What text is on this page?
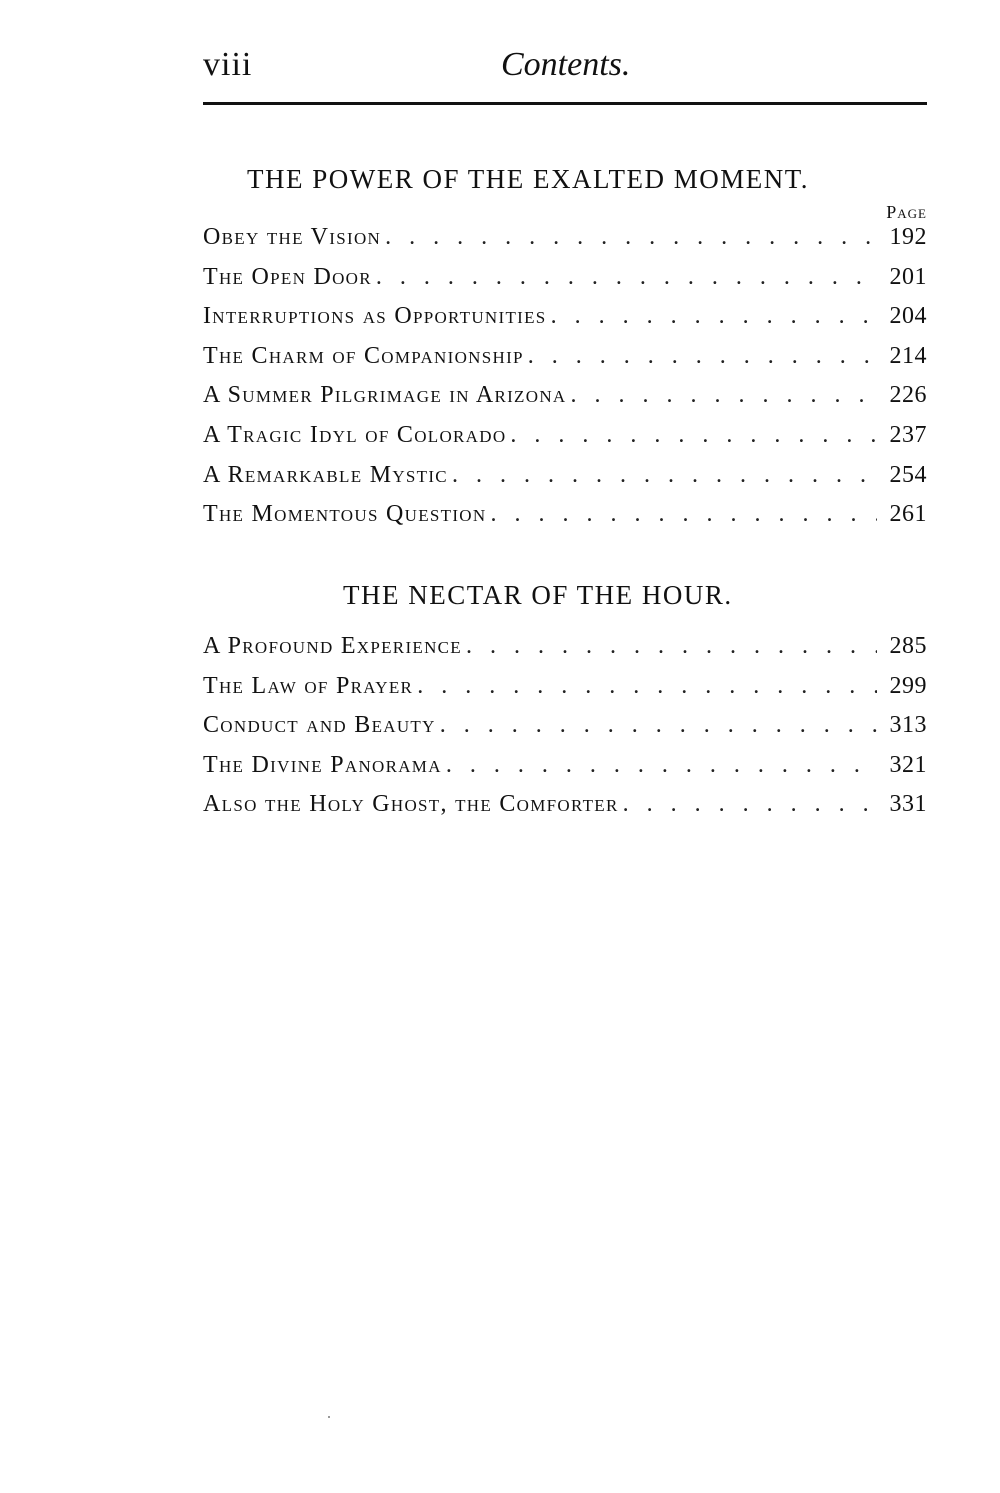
viii	Contents.
THE POWER OF THE EXALTED MOMENT.
Page
Obey the Vision . . .	192
The Open Door . . .	201
Interruptions as Opportunities . . .	204
The Charm of Companionship . . .	214
A Summer Pilgrimage in Arizona . . .	226
A Tragic Idyl of Colorado . . .	237
A Remarkable Mystic . . .	254
The Momentous Question . . .	261
THE NECTAR OF THE HOUR.
A Profound Experience . . .	285
The Law of Prayer . . .	299
Conduct and Beauty . . .	313
The Divine Panorama . . .	321
Also the Holy Ghost, the Comforter . . .	331
